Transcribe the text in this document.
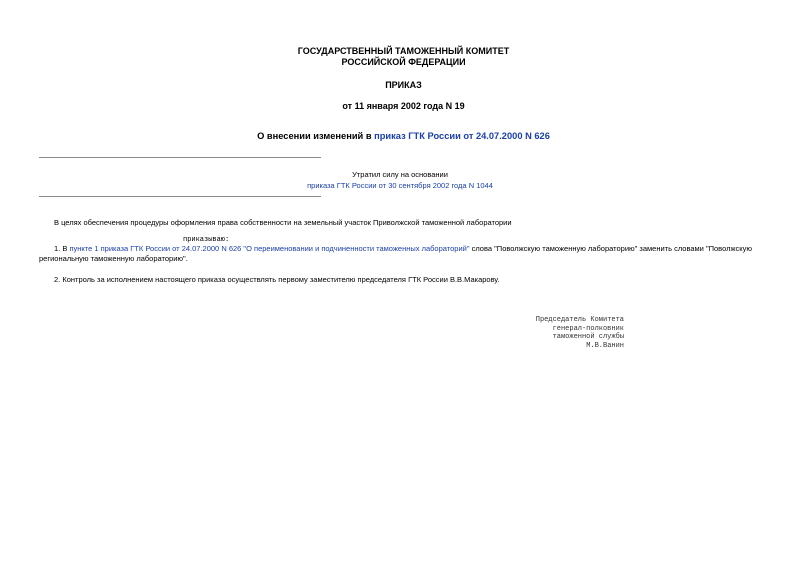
ГОСУДАРСТВЕННЫЙ ТАМОЖЕННЫЙ КОМИТЕТ
РОССИЙСКОЙ ФЕДЕРАЦИИ
ПРИКАЗ
от 11 января 2002 года N 19
О внесении изменений в приказ ГТК России от 24.07.2000 N 626
Утратил силу на основании
приказа ГТК России от 30 сентября 2002 года N 1044
В целях обеспечения процедуры оформления права собственности на земельный участок Приволжской таможенной лаборатории
приказываю:
1. В пункте 1 приказа ГТК России от 24.07.2000 N 626 "О переименовании и подчиненности таможенных лабораторий" слова "Поволжскую таможенную лабораторию" заменить словами "Поволжскую региональную таможенную лабораторию".
2. Контроль за исполнением настоящего приказа осуществлять первому заместителю председателя ГТК России В.В.Макарову.
Председатель Комитета
генерал-полковник
таможенной службы
М.В.Ванин
